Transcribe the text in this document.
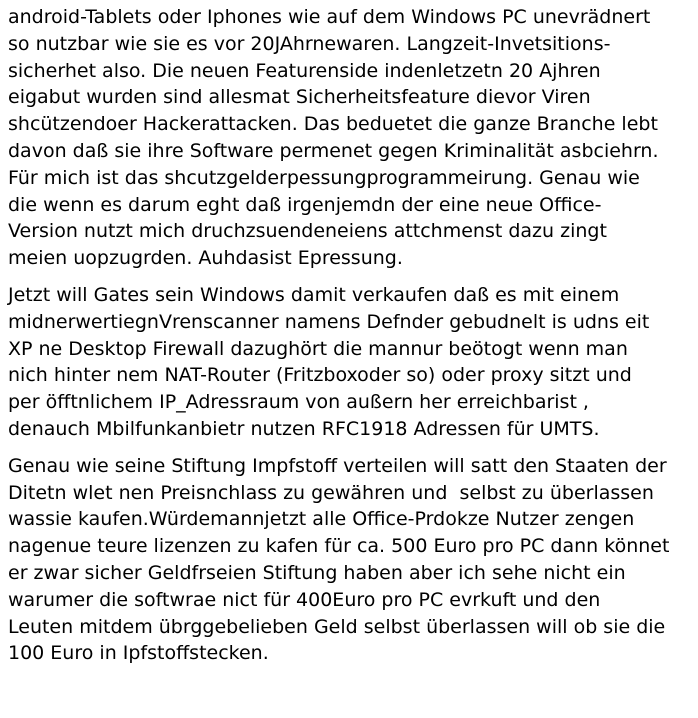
android-Tablets oder Iphones wie auf dem Windows PC unevrädnert
so nutzbar wie sie es vor 20JAhrnewaren. Langzeit-Invetsitions-
sicherhet also. Die neuen Featurenside indenletzetn 20 Ajhren
eigabut wurden sind allesmat Sicherheitsfeature dievor Viren
shcützendoer Hackerattacken. Das beduetet die ganze Branche lebt
davon daß sie ihre Software permenet gegen Kriminalität asbciehrn.
Für mich ist das shcutzgelderpessungprogrammeirung. Genau wie
die wenn es darum eght daß irgenjemdn der eine neue Office-
Version nutzt mich druchzsuendeneiens attchmenst dazu zingt
meien uopzugrden. Auhdasist Epressung.
Jetzt will Gates sein Windows damit verkaufen daß es mit einem
midnerwertiegnVrenscanner namens Defnder gebudnelt is udns eit
XP ne Desktop Firewall dazughört die mannur beötogt wenn man
nich hinter nem NAT-Router (Fritzboxoder so) oder proxy sitzt und
per öfftnlichem IP_Adressraum von außern her erreichbarist ,
denauch Mbilfunkanbietr nutzen RFC1918 Adressen für UMTS.
Genau wie seine Stiftung Impfstoff verteilen will satt den Staaten der
Ditetn wlet nen Preisnchlass zu gewähren und  selbst zu überlassen
wassie kaufen.Würdemannjetzt alle Office-Prdokze Nutzer zengen
nagenue teure lizenzen zu kafen für ca. 500 Euro pro PC dann könnet
er zwar sicher Geldfrseien Stiftung haben aber ich sehe nicht ein
warumer die softwrae nict für 400Euro pro PC evrkuft und den
Leuten mitdem übrggebelieben Geld selbst überlassen will ob sie die
100 Euro in Ipfstoffstecken.
